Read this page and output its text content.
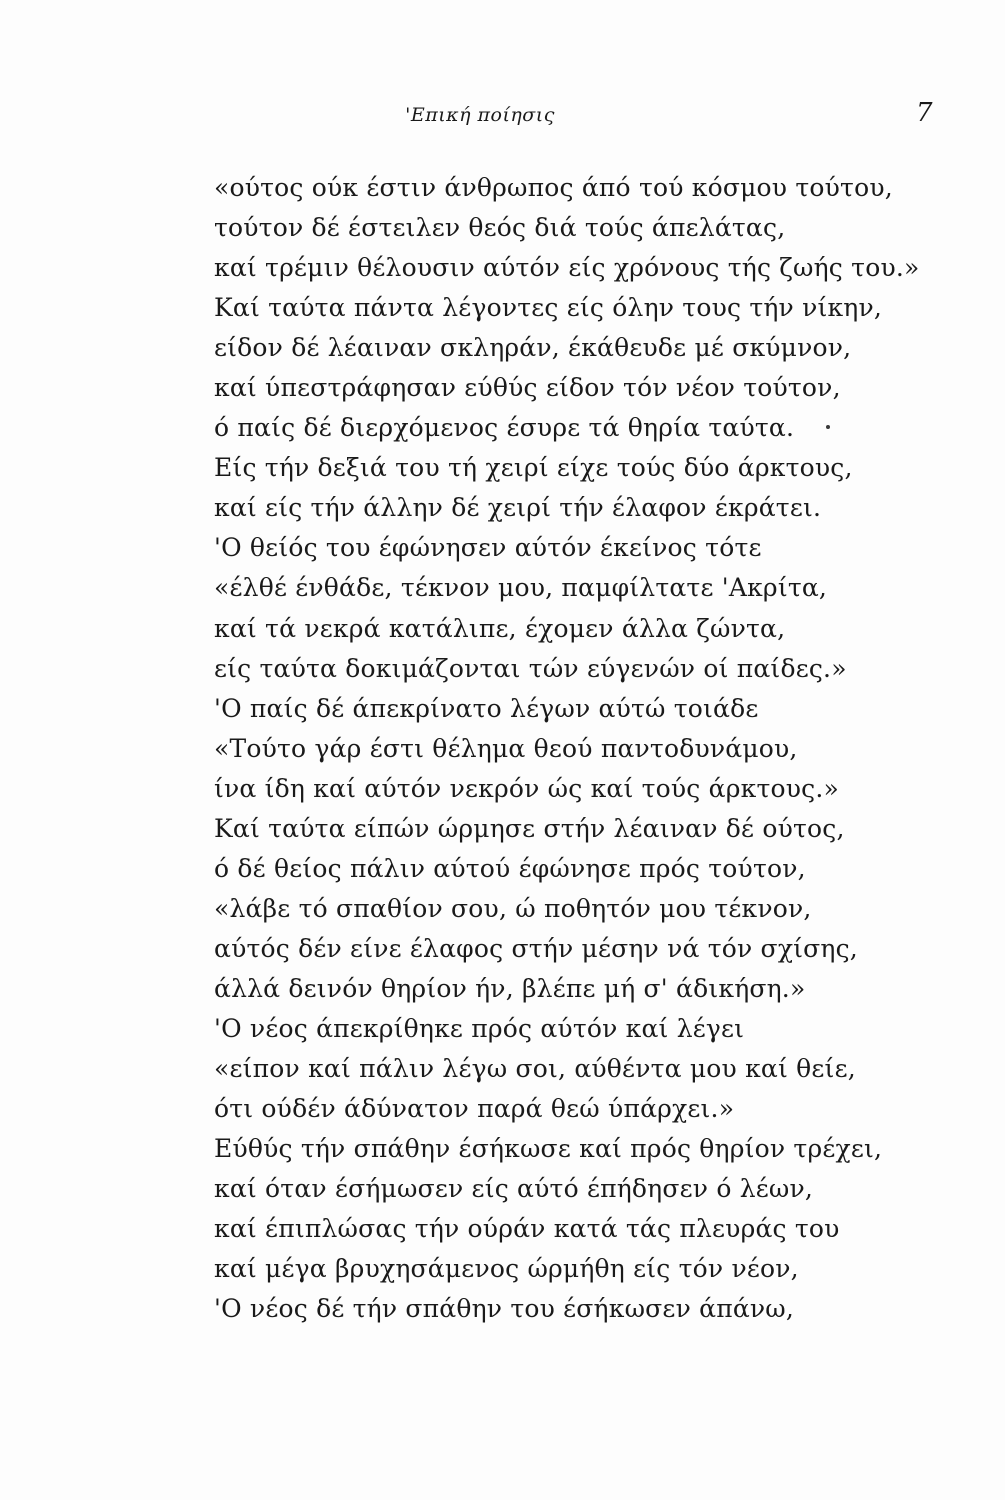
'Επική ποίησις	7
«ούτος ούκ έστιν άνθρωπος άπό τού κόσμου τούτου,
τούτον δέ έστειλεν θεός διά τούς άπελάτας,
καί τρέμιν θέλουσιν αύτόν είς χρόνους τής ζωής του.»
Καί ταύτα πάντα λέγοντες είς όλην τους τήν νίκην,
είδον δέ λέαιναν σκληράν, έκάθευδε μέ σκύμνον,
καί ύπεστράφησαν εύθύς είδον τόν νέον τούτον,
ό παίς δέ διερχόμενος έσυρε τά θηρία ταύτα.
Είς τήν δεξιά του τή χειρί είχε τούς δύο άρκτους,
καί είς τήν άλλην δέ χειρί τήν έλαφον έκράτει.
'Ο θείός του έφώνησεν αύτόν έκείνος τότε
«έλθέ ένθάδε, τέκνον μου, παμφίλτατε 'Ακρίτα,
καί τά νεκρά κατάλιπε, έχομεν άλλα ζώντα,
είς ταύτα δοκιμάζονται τών εύγενών οί παίδες.»
'Ο παίς δέ άπεκρίνατο λέγων αύτώ τοιάδε
«Τούτο γάρ έστι θέλημα θεού παντοδυνάμου,
ίνα ίδη καί αύτόν νεκρόν ώς καί τούς άρκτους.»
Καί ταύτα είπών ώρμησε στήν λέαιναν δέ ούτος,
ό δέ θείος πάλιν αύτού έφώνησε πρός τούτον,
«λάβε τό σπαθίον σου, ώ ποθητόν μου τέκνον,
αύτός δέν είνε έλαφος στήν μέσην νά τόν σχίσης,
άλλά δεινόν θηρίον ήν, βλέπε μή σ' άδικήση.»
'Ο νέος άπεκρίθηκε πρός αύτόν καί λέγει
«είπον καί πάλιν λέγω σοι, αύθέντα μου καί θείε,
ότι ούδέν άδύνατον παρά θεώ ύπάρχει.»
Εύθύς τήν σπάθην έσήκωσε καί πρός θηρίον τρέχει,
καί όταν έσήμωσεν είς αύτό έπήδησεν ό λέων,
καί έπιπλώσας τήν ούράν κατά τάς πλευράς του
καί μέγα βρυχησάμενος ώρμήθη είς τόν νέον,
'Ο νέος δέ τήν σπάθην του έσήκωσεν άπάνω,
